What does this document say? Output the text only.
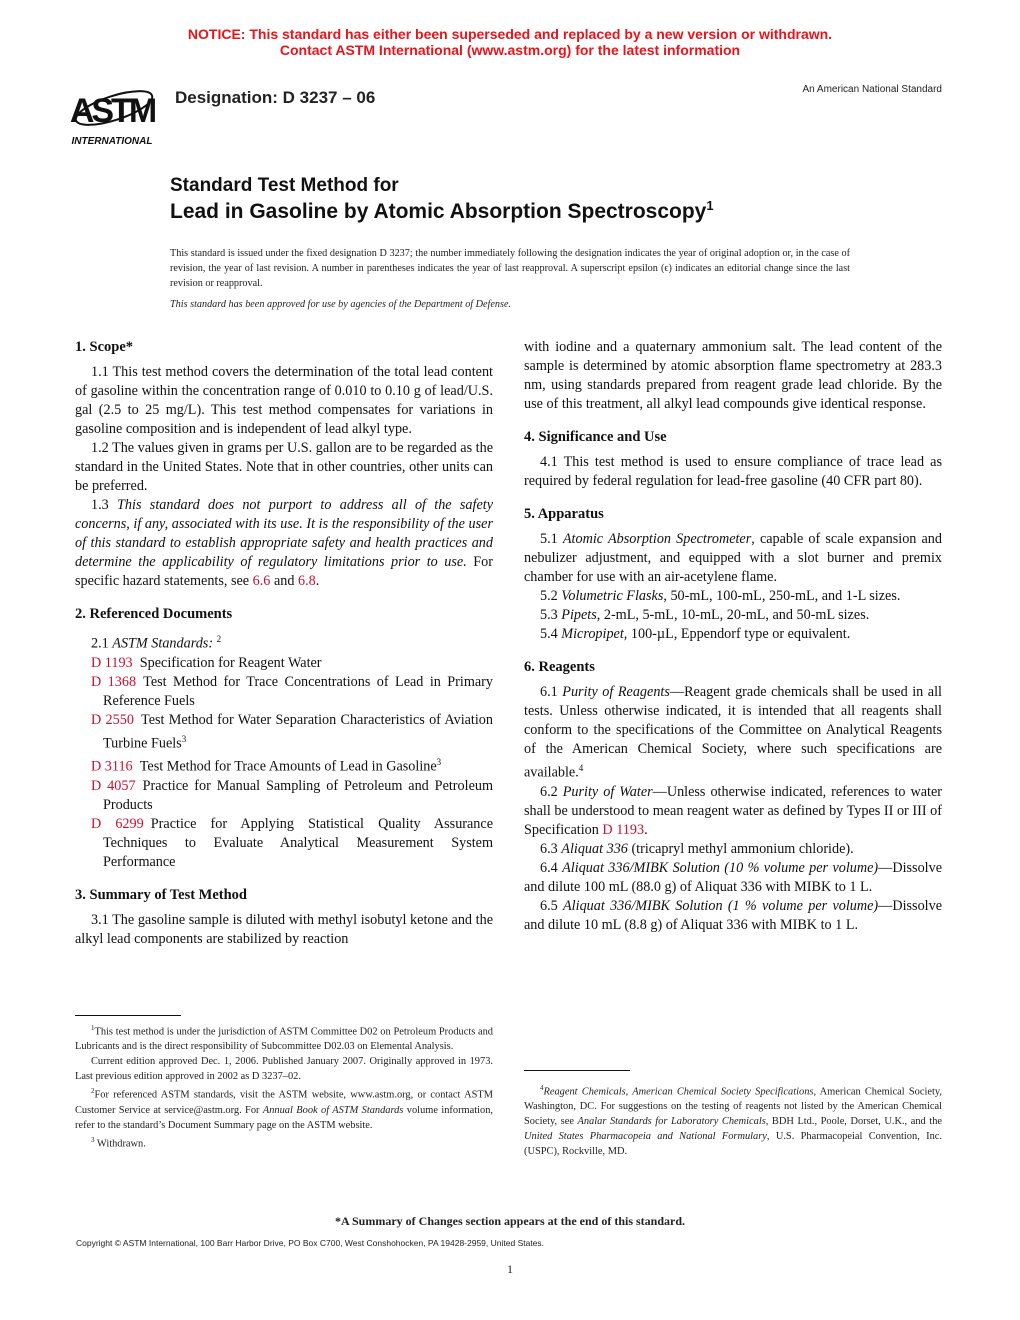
NOTICE: This standard has either been superseded and replaced by a new version or withdrawn.
Contact ASTM International (www.astm.org) for the latest information
ASTM
INTERNATIONAL
Designation: D 3237 – 06	An American National Standard
Standard Test Method for
Lead in Gasoline by Atomic Absorption Spectroscopy$^1$
This standard is issued under the fixed designation D 3237; the number immediately following the designation indicates the year of original adoption or, in the case of revision, the year of last revision. A number in parentheses indicates the year of last reapproval. A superscript epsilon (ϵ) indicates an editorial change since the last revision or reapproval.
This standard has been approved for use by agencies of the Department of Defense.
1. Scope*

1.1 This test method covers the determination of the total lead content of gasoline within the concentration range of 0.010 to 0.10 g of lead/U.S. gal (2.5 to 25 mg/L). This test method compensates for variations in gasoline composition and is independent of lead alkyl type.

1.2 The values given in grams per U.S. gallon are to be regarded as the standard in the United States. Note that in other countries, other units can be preferred.

1.3 This standard does not purport to address all of the safety concerns, if any, associated with its use. It is the responsibility of the user of this standard to establish appropriate safety and health practices and determine the applicability of regulatory limitations prior to use. For specific hazard statements, see 6.6 and 6.8.

2. Referenced Documents

2.1 ASTM Standards: $^2$

D 1193  Specification for Reagent Water

D 1368  Test Method for Trace Concentrations of Lead in Primary Reference Fuels

D 2550  Test Method for Water Separation Characteristics of Aviation Turbine Fuels$^3$

D 3116  Test Method for Trace Amounts of Lead in Gasoline$^3$

D 4057  Practice for Manual Sampling of Petroleum and Petroleum Products

D 6299  Practice for Applying Statistical Quality Assurance Techniques to Evaluate Analytical Measurement System Performance

3. Summary of Test Method

3.1 The gasoline sample is diluted with methyl isobutyl ketone and the alkyl lead components are stabilized by reaction

$^1$This test method is under the jurisdiction of ASTM Committee D02 on Petroleum Products and Lubricants and is the direct responsibility of Subcommittee D02.03 on Elemental Analysis.

Current edition approved Dec. 1, 2006. Published January 2007. Originally approved in 1973. Last previous edition approved in 2002 as D 3237–02.

$^2$For referenced ASTM standards, visit the ASTM website, www.astm.org, or contact ASTM Customer Service at service@astm.org. For Annual Book of ASTM Standards volume information, refer to the standard’s Document Summary page on the ASTM website.

$^3$ Withdrawn.

with iodine and a quaternary ammonium salt. The lead content of the sample is determined by atomic absorption flame spectrometry at 283.3 nm, using standards prepared from reagent grade lead chloride. By the use of this treatment, all alkyl lead compounds give identical response.

4. Significance and Use

4.1 This test method is used to ensure compliance of trace lead as required by federal regulation for lead-free gasoline (40 CFR part 80).

5. Apparatus

5.1 Atomic Absorption Spectrometer, capable of scale expansion and nebulizer adjustment, and equipped with a slot burner and premix chamber for use with an air-acetylene flame.

5.2 Volumetric Flasks, 50-mL, 100-mL, 250-mL, and 1-L sizes.

5.3 Pipets, 2-mL, 5-mL, 10-mL, 20-mL, and 50-mL sizes.

5.4 Micropipet, 100-µL, Eppendorf type or equivalent.

6. Reagents

6.1 Purity of Reagents—Reagent grade chemicals shall be used in all tests. Unless otherwise indicated, it is intended that all reagents shall conform to the specifications of the Committee on Analytical Reagents of the American Chemical Society, where such specifications are available.$^4$

6.2 Purity of Water—Unless otherwise indicated, references to water shall be understood to mean reagent water as defined by Types II or III of Specification D 1193.

6.3 Aliquat 336 (tricapryl methyl ammonium chloride).

6.4 Aliquat 336/MIBK Solution (10 % volume per volume)—Dissolve and dilute 100 mL (88.0 g) of Aliquat 336 with MIBK to 1 L.

6.5 Aliquat 336/MIBK Solution (1 % volume per volume)—Dissolve and dilute 10 mL (8.8 g) of Aliquat 336 with MIBK to 1 L.

$^4$Reagent Chemicals, American Chemical Society Specifications, American Chemical Society, Washington, DC. For suggestions on the testing of reagents not listed by the American Chemical Society, see Analar Standards for Laboratory Chemicals, BDH Ltd., Poole, Dorset, U.K., and the United States Pharmacopeia and National Formulary, U.S. Pharmacopeial Convention, Inc. (USPC), Rockville, MD.

*A Summary of Changes section appears at the end of this standard.
Copyright © ASTM International, 100 Barr Harbor Drive, PO Box C700, West Conshohocken, PA 19428-2959, United States.
1
